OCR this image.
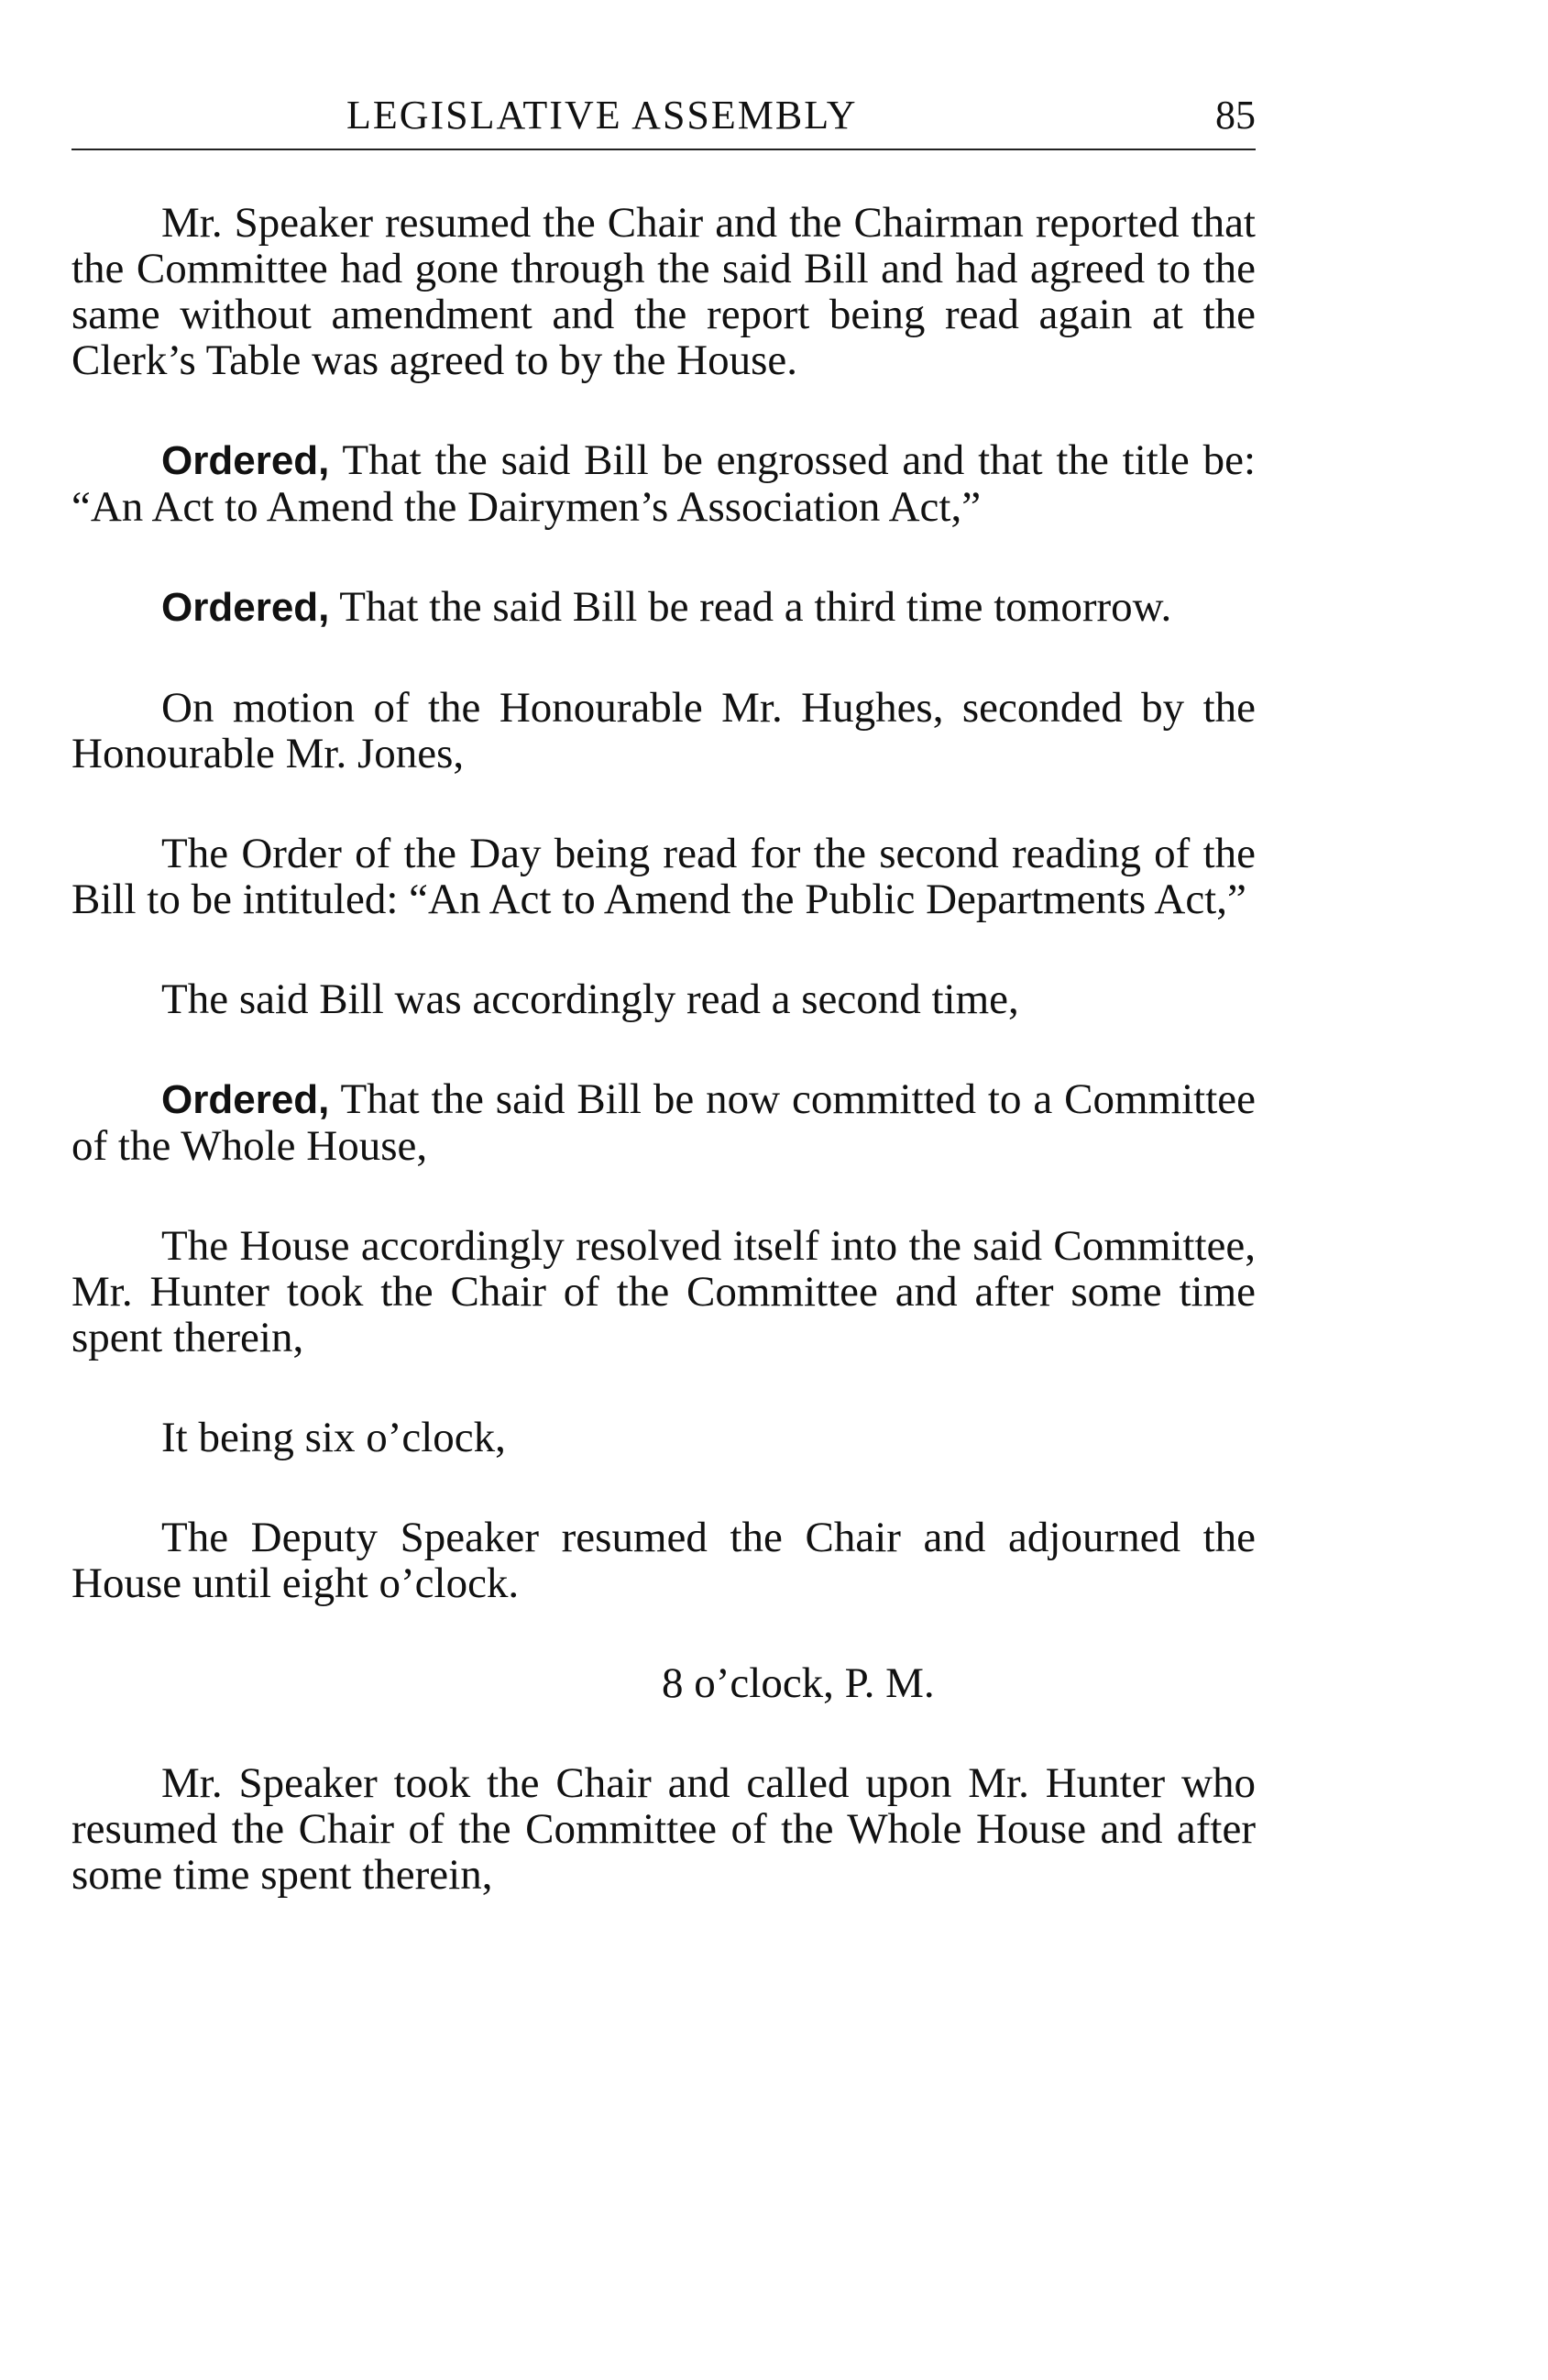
LEGISLATIVE ASSEMBLY	85

Mr. Speaker resumed the Chair and the Chairman reported that the Committee had gone through the said Bill and had agreed to the same without amendment and the report being read again at the Clerk’s Table was agreed to by the House.

Ordered, That the said Bill be engrossed and that the title be: “An Act to Amend the Dairymen’s Association Act,”

Ordered, That the said Bill be read a third time tomorrow.

On motion of the Honourable Mr. Hughes, seconded by the Honourable Mr. Jones,

The Order of the Day being read for the second reading of the Bill to be intituled: “An Act to Amend the Public Departments Act,”

The said Bill was accordingly read a second time,

Ordered, That the said Bill be now committed to a Committee of the Whole House,

The House accordingly resolved itself into the said Committee, Mr. Hunter took the Chair of the Committee and after some time spent therein,

It being six o’clock,

The Deputy Speaker resumed the Chair and adjourned the House until eight o’clock.

8 o’clock, P. M.

Mr. Speaker took the Chair and called upon Mr. Hunter who resumed the Chair of the Committee of the Whole House and after some time spent therein,
